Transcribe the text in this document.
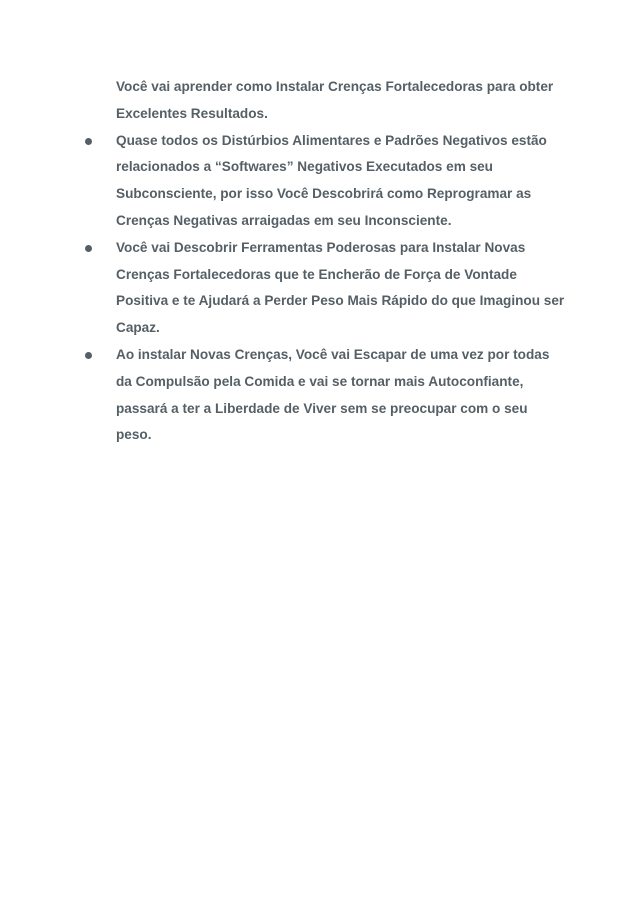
Você vai aprender como Instalar Crenças Fortalecedoras para obter
Excelentes Resultados.
Quase todos os Distúrbios Alimentares e Padrões Negativos estão
relacionados a “Softwares” Negativos Executados em seu
Subconsciente, por isso Você Descobrirá como Reprogramar as
Crenças Negativas arraigadas em seu Inconsciente.
Você vai Descobrir Ferramentas Poderosas para Instalar Novas
Crenças Fortalecedoras que te Encherão de Força de Vontade
Positiva e te Ajudará a Perder Peso Mais Rápido do que Imaginou ser
Capaz.
Ao instalar Novas Crenças, Você vai Escapar de uma vez por todas
da Compulsão pela Comida e vai se tornar mais Autoconfiante,
passará a ter a Liberdade de Viver sem se preocupar com o seu
peso.
